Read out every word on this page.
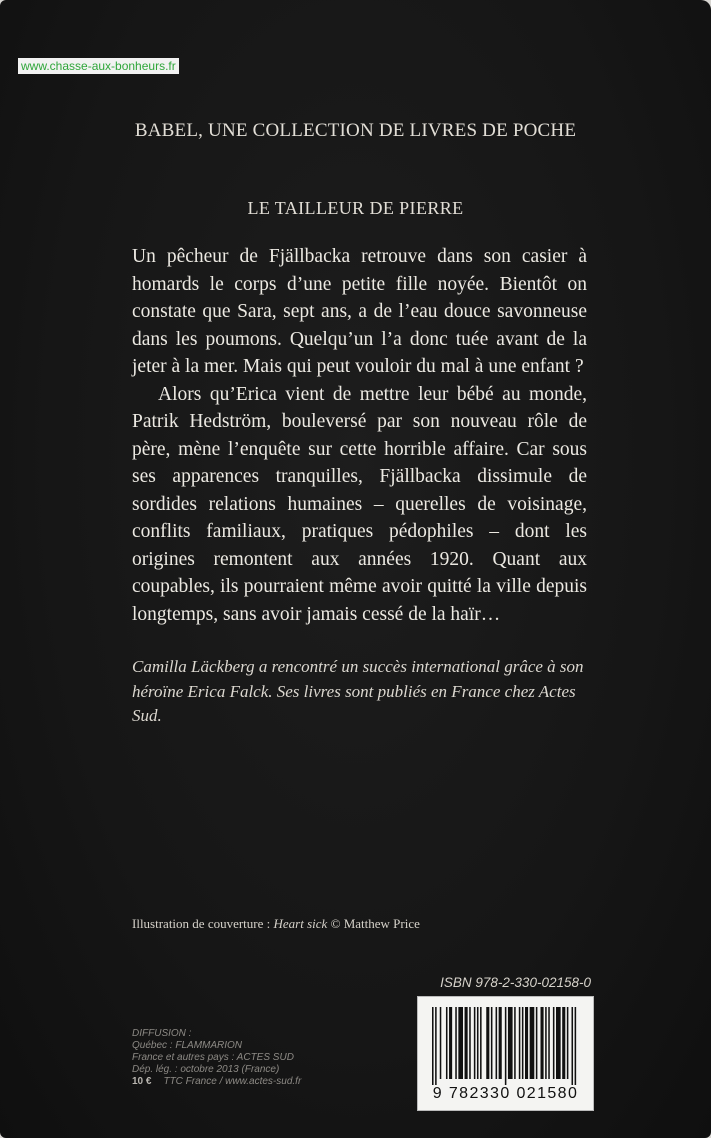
www.chasse-aux-bonheurs.fr
BABEL, UNE COLLECTION DE LIVRES DE POCHE
LE TAILLEUR DE PIERRE

Un pêcheur de Fjällbacka retrouve dans son casier à homards le corps d’une petite fille noyée. Bientôt on constate que Sara, sept ans, a de l’eau douce savonneuse dans les poumons. Quelqu’un l’a donc tuée avant de la jeter à la mer. Mais qui peut vouloir du mal à une enfant ?

Alors qu’Erica vient de mettre leur bébé au monde, Patrik Hedström, bouleversé par son nouveau rôle de père, mène l’enquête sur cette horrible affaire. Car sous ses apparences tranquilles, Fjällbacka dissimule de sordides relations humaines – querelles de voisinage, conflits familiaux, pratiques pédophiles – dont les origines remontent aux années 1920. Quant aux coupables, ils pourraient même avoir quitté la ville depuis longtemps, sans avoir jamais cessé de la haïr…

Camilla Läckberg a rencontré un succès international grâce à son héroïne Erica Falck. Ses livres sont publiés en France chez Actes Sud.
Illustration de couverture : Heart sick © Matthew Price
ISBN 978-2-330-02158-0
9 782330 021580
DIFFUSION :
Québec : FLAMMARION
France et autres pays : ACTES SUD
Dép. lég. : octobre 2013 (France)
10 € TTC France / www.actes-sud.fr
